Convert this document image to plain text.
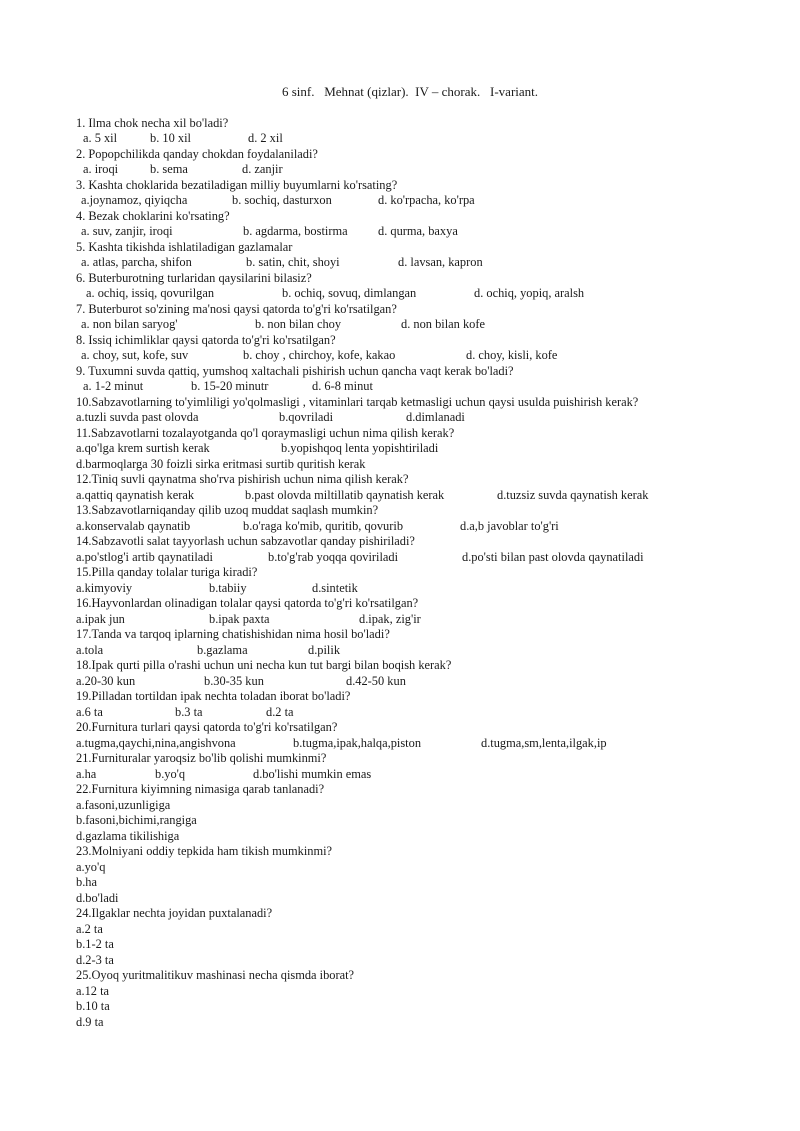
6 sinf.   Mehnat (qizlar).  IV – chorak.   I-variant.
1. Ilma chok necha xil bo'ladi?
a. 5 xil	b. 10 xil	d. 2 xil
2. Popopchilikda qanday chokdan foydalaniladi?
a. iroqi	b. sema	d. zanjir
3. Kashta choklarida bezatiladigan milliy buyumlarni ko'rsating?
a.joynamoz, qiyiqcha	b. sochiq, dasturxon	d. ko'rpacha, ko'rpa
4. Bezak choklarini ko'rsating?
a. suv, zanjir, iroqi	b. agdarma, bostirma d. qurma, baxya
5. Kashta tikishda ishlatiladigan gazlamalar
a. atlas, parcha, shifon	b. satin, chit, shoyi	d. lavsan, kapron
6. Buterburotning turlaridan qaysilarini bilasiz?
a. ochiq, issiq, qovurilgan	b. ochiq, sovuq, dimlangan	d. ochiq, yopiq, aralsh
7. Buterburot so'zining ma'nosi qaysi qatorda to'g'ri ko'rsatilgan?
a. non bilan saryog'	b. non bilan choy	d. non bilan kofe
8. Issiq ichimliklar qaysi qatorda to'g'ri ko'rsatilgan?
a. choy, sut, kofe, suv	b. choy , chirchoy, kofe, kakao	d. choy, kisli, kofe
9. Tuxumni suvda qattiq, yumshoq xaltachali pishirish uchun qancha vaqt kerak bo'ladi?
a. 1-2 minut	b. 15-20 minutr	d. 6-8 minut
10.Sabzavotlarning to'yimliligi yo'qolmasligi , vitaminlari tarqab ketmasligi uchun qaysi usulda puishirish kerak?
a.tuzli suvda past olovda	b.qovriladi	d.dimlanadi
11.Sabzavotlarni tozalayotganda qo'l qoraymasligi uchun nima qilish kerak?
a.qo'lga krem surtish kerak	b.yopishqoq lenta yopishtiriladi
d.barmoqlarga 30 foizli sirka eritmasi surtib quritish kerak
12.Tiniq suvli qaynatma sho'rva pishirish uchun nima qilish kerak?
a.qattiq qaynatish kerak	b.past olovda miltillatib qaynatish kerak	d.tuzsiz suvda qaynatish kerak
13.Sabzavotlarniqanday qilib uzoq muddat saqlash mumkin?
a.konservalab qaynatib	b.o'raga ko'mib, quritib, qovurib	d.a,b javoblar to'g'ri
14.Sabzavotli salat tayyorlash uchun sabzavotlar qanday pishiriladi?
a.po'stlog'i artib qaynatiladi	b.to'g'rab yoqqa qoviriladi	d.po'sti bilan past olovda qaynatiladi
15.Pilla qanday tolalar turiga kiradi?
a.kimyoviy	b.tabiiy	d.sintetik
16.Hayvonlardan olinadigan tolalar qaysi qatorda to'g'ri ko'rsatilgan?
a.ipak jun	b.ipak paxta	d.ipak, zig'ir
17.Tanda va tarqoq iplarning chatishishidan nima hosil bo'ladi?
a.tola	b.gazlama	d.pilik
18.Ipak qurti pilla o'rashi uchun uni necha kun tut bargi bilan boqish kerak?
a.20-30 kun	b.30-35 kun	d.42-50 kun
19.Pilladan tortildan ipak nechta toladan iborat bo'ladi?
a.6 ta	b.3 ta	d.2 ta
20.Furnitura turlari qaysi qatorda to'g'ri ko'rsatilgan?
a.tugma,qaychi,nina,angishvona	b.tugma,ipak,halqa,piston	d.tugma,sm,lenta,ilgak,ip
21.Furnituralar yaroqsiz bo'lib qolishi mumkinmi?
a.ha	b.yo'q	d.bo'lishi mumkin emas
22.Furnitura kiyimning nimasiga qarab tanlanadi?
a.fasoni,uzunligiga
b.fasoni,bichimi,rangiga
d.gazlama tikilishiga
23.Molniyani oddiy tepkida ham tikish mumkinmi?
a.yo'q
b.ha
d.bo'ladi
24.Ilgaklar nechta joyidan puxtalanadi?
a.2 ta
b.1-2 ta
d.2-3 ta
25.Oyoq yuritmalitikuv mashinasi necha qismda iborat?
a.12 ta
b.10 ta
d.9 ta
